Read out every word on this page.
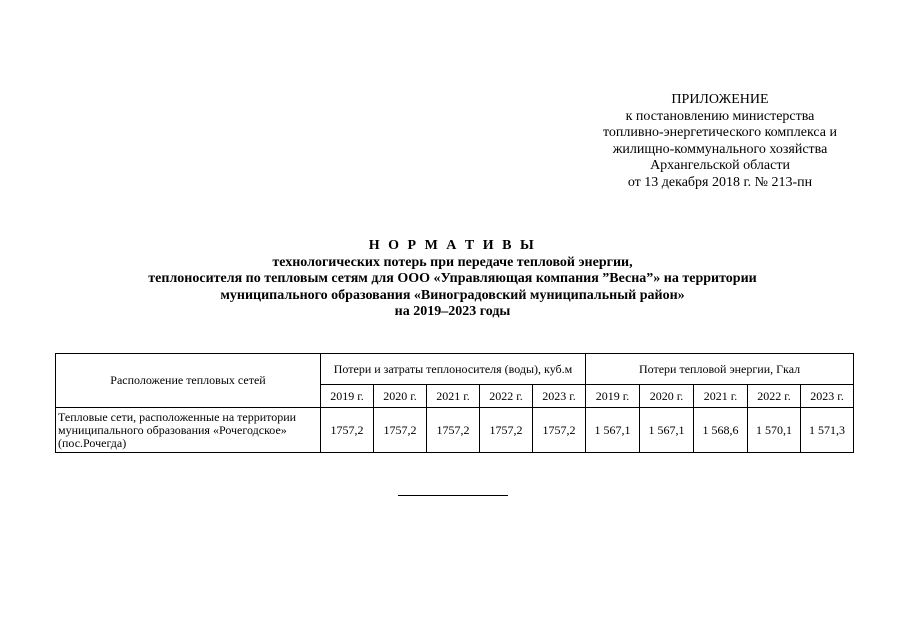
ПРИЛОЖЕНИЕ
к постановлению министерства
топливно-энергетического комплекса и
жилищно-коммунального хозяйства
Архангельской области
от 13 декабря 2018 г. № 213-пн
Н О Р М А Т И В Ы
технологических потерь при передаче тепловой энергии,
теплоносителя по тепловым сетям для ООО «Управляющая компания ”Весна”» на территории
муниципального образования «Виноградовский муниципальный район»
на 2019–2023 годы
Расположение тепловых сетей	Потери и затраты теплоносителя (воды), куб.м					Потери тепловой энергии, Гкал				
	2019 г.	2020 г.	2021 г.	2022 г.	2023 г.	2019 г.	2020 г.	2021 г.	2022 г.	2023 г.
Тепловые сети, расположенные на территории муниципального образования «Рочегодское» (пос.Рочегда)	1757,2	1757,2	1757,2	1757,2	1757,2	1 567,1	1 567,1	1 568,6	1 570,1	1 571,3
